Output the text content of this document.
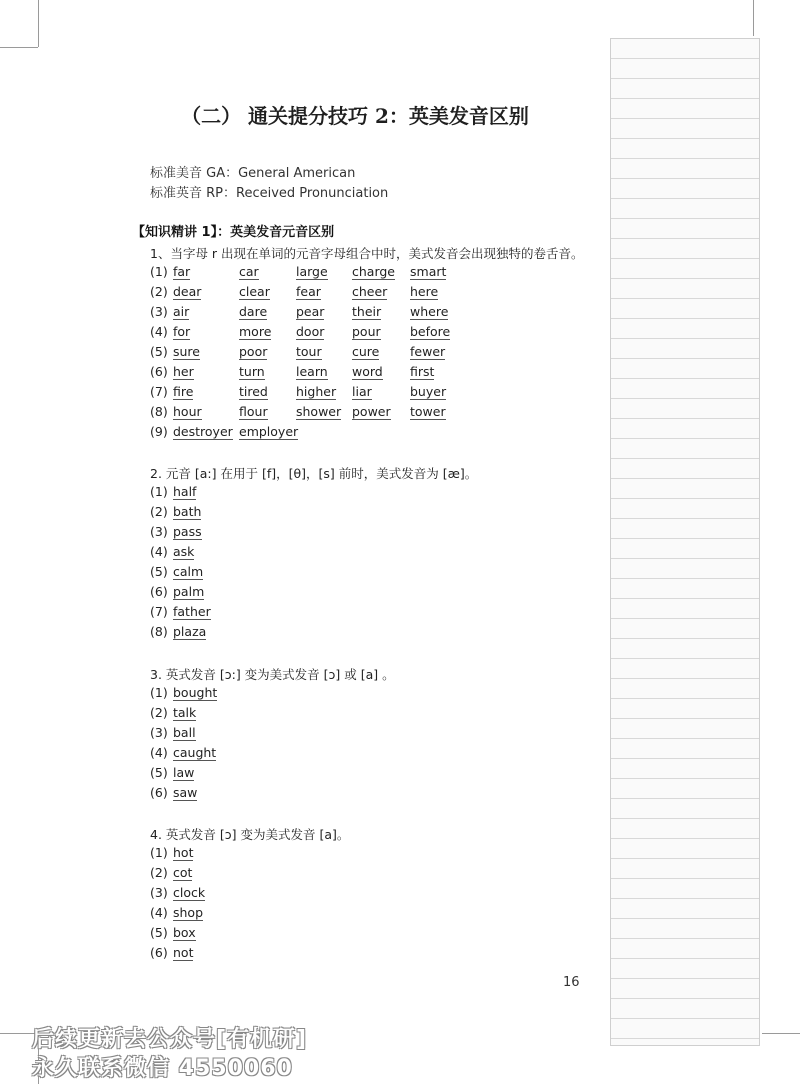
（二） 通关提分技巧 2：英美发音区别
标准美音 GA：General American
标准英音 RP：Received Pronunciation
【知识精讲 1】：英美发音元音区别
1、当字母 r 出现在单词的元音字母组合中时，美式发音会出现独特的卷舌音。
(1) far	car	large charge smart
(2) dear	clear fear cheer here
(3) air	dare pear their where
(4) for	more door pour before
(5) sure	poor tour cure fewer
(6) her	turn	learn word first
(7) fire	tired higher liar	buyer
(8) hour	flour shower power tower
(9) destroyer employer
2. 元音 [a:] 在用于 [f]，[θ]，[s] 前时，美式发音为 [æ]。
(1) half
(2) bath
(3) pass
(4) ask
(5) calm
(6) palm
(7) father
(8) plaza
3. 英式发音 [ɔ:] 变为美式发音 [ɔ] 或 [a] 。
(1) bought
(2) talk
(3) ball
(4) caught
(5) law
(6) saw
4. 英式发音 [ɔ] 变为美式发音 [a]。
(1) hot
(2) cot
(3) clock
(4) shop
(5) box
(6) not
16
后续更新去公众号[有机研]
永久联系微信 4550060
